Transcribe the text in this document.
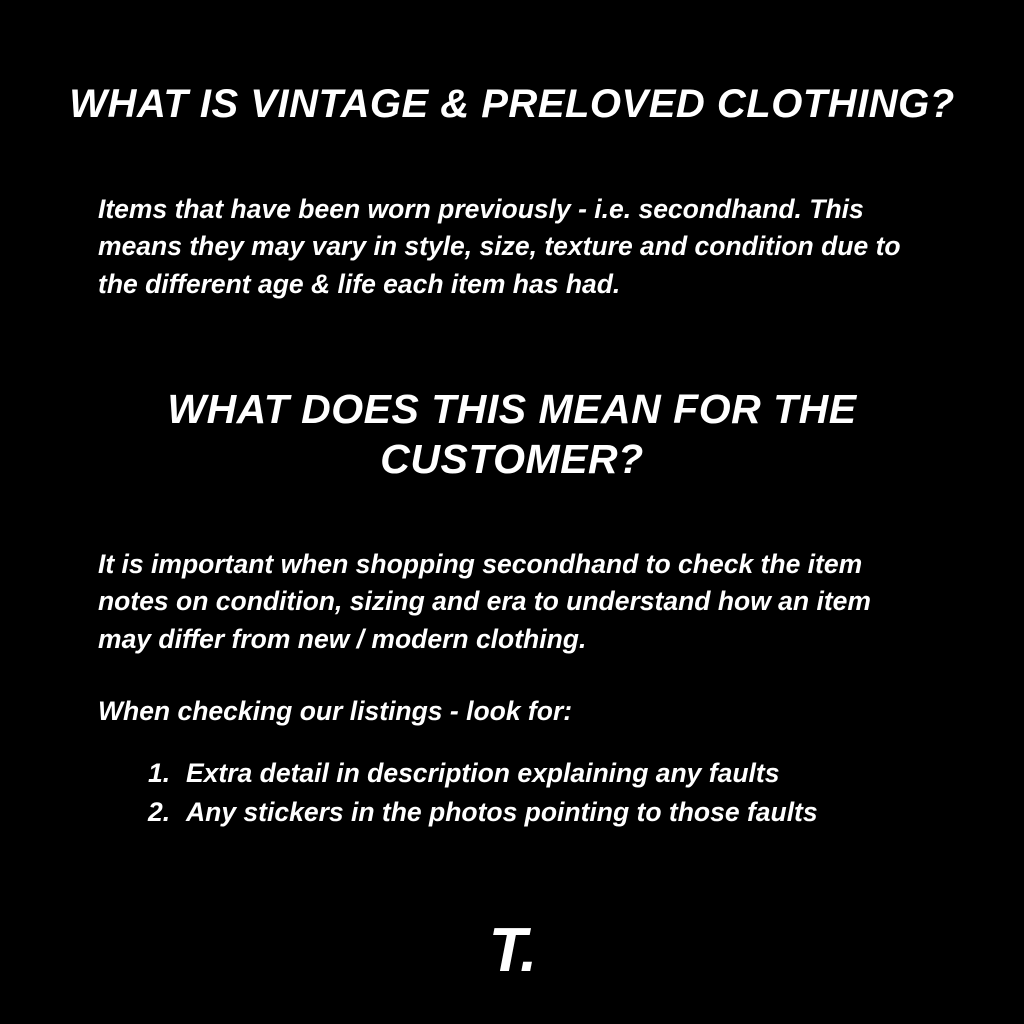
WHAT IS VINTAGE & PRELOVED CLOTHING?

Items that have been worn previously - i.e. secondhand. This means they may vary in style, size, texture and condition due to the different age & life each item has had.

WHAT DOES THIS MEAN FOR THE CUSTOMER?

It is important when shopping secondhand to check the item notes on condition, sizing and era to understand how an item may differ from new / modern clothing.

When checking our listings - look for:

Extra detail in description explaining any faults
Any stickers in the photos pointing to those faults
T.
